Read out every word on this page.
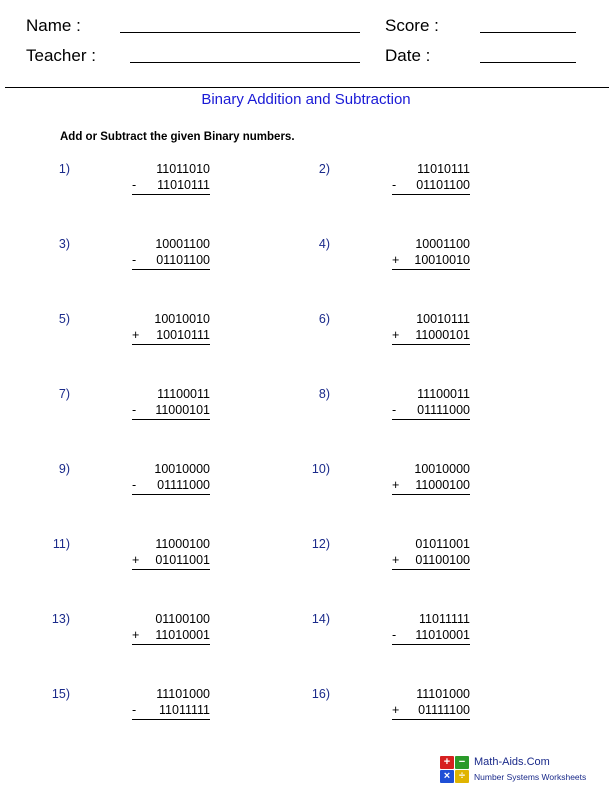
Name :	Score :
Teacher :	Date :
Binary Addition and Subtraction
Add or Subtract the given Binary numbers.
1)	11011010
- 11010111
2)	11010111
- 01101100
3)	10001100
- 01101100
4)	10001100
+ 10010010
5)	10010010
+ 10010111
6)	10010111
+ 11000101
7)	11100011
- 11000101
8)	11100011
- 01111000
9)	10010000
- 01111000
10)	10010000
+ 11000100
11)	11000100
+ 01011001
12)	01011001
+ 01100100
13)	01100100
+ 11010001
14)	11011111
- 11010001
15)	11101000
- 11011111
16)	11101000
+ 01111100
+ −
× ÷
Math-Aids.Com
Number Systems Worksheets
